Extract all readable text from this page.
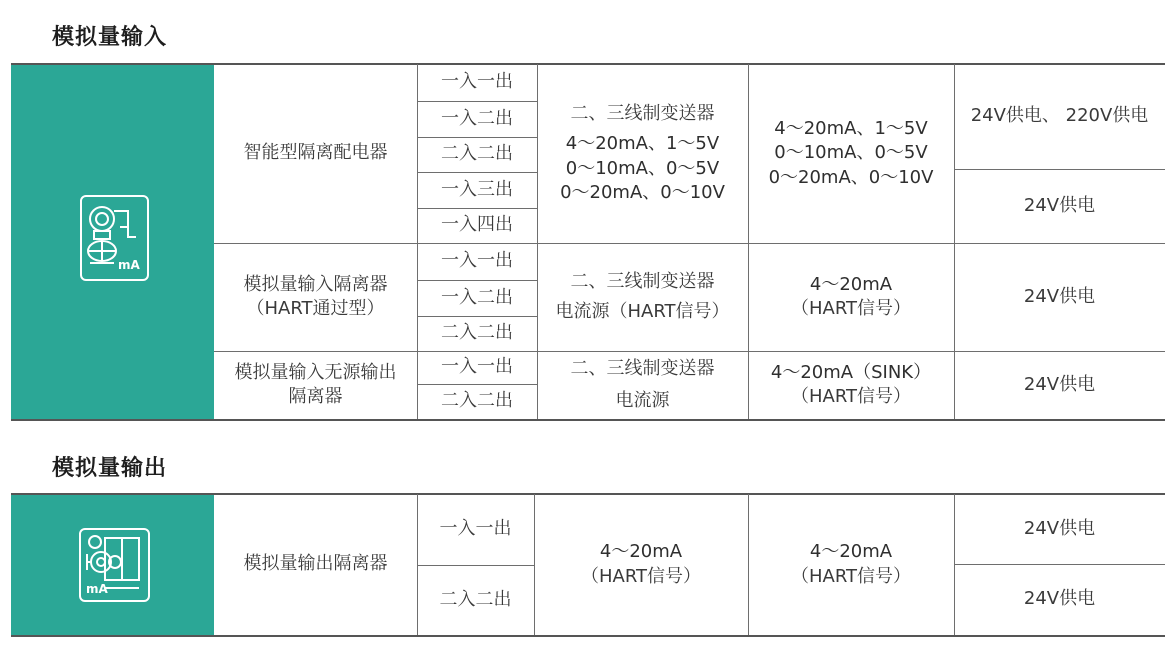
模拟量输入
mA
智能型隔离配电器
一入一出
一入二出
二入二出
一入三出
一入四出
二、三线制变送器
4～20mA、1～5V
0～10mA、0～5V
0～20mA、0～10V
4～20mA、1～5V
0～10mA、0～5V
0～20mA、0～10V
24V供电、 220V供电
24V供电
模拟量输入隔离器
（HART通过型）
一入一出
一入二出
二入二出
二、三线制变送器
电流源（HART信号）
4～20mA
（HART信号）
24V供电
模拟量输入无源输出
隔离器
一入一出
二入二出
二、三线制变送器
电流源
4～20mA（SINK）
（HART信号）
24V供电
模拟量输出
mA
模拟量输出隔离器
一入一出
二入二出
4～20mA
（HART信号）
4～20mA
（HART信号）
24V供电
24V供电
